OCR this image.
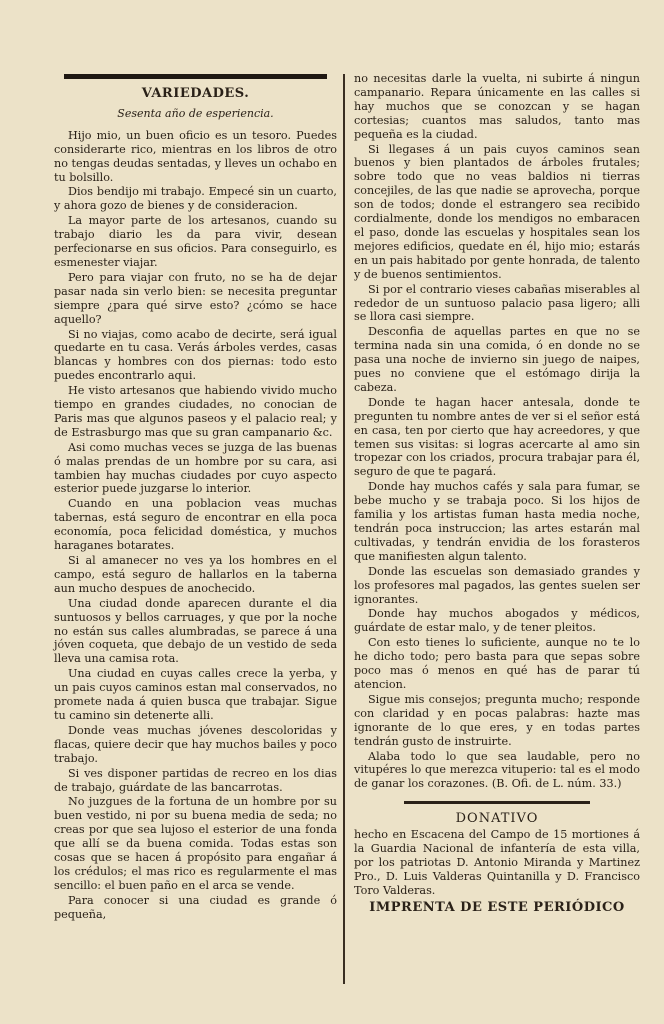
VARIEDADES.
Sesenta año de esperiencia.

Hijo mio, un buen oficio es un tesoro. Puedes considerarte rico, mientras en los libros de otro no tengas deudas sentadas, y lleves un ochabo en tu bolsillo.

Dios bendijo mi trabajo. Empecé sin un cuarto, y ahora gozo de bienes y de consideracion.

La mayor parte de los artesanos, cuando su trabajo diario les da para vivir, desean perfecionarse en sus oficios. Para conseguirlo, es esmenester viajar.

Pero para viajar con fruto, no se ha de dejar pasar nada sin verlo bien: se necesita preguntar siempre ¿para qué sirve esto? ¿cómo se hace aquello?

Si no viajas, como acabo de decirte, será igual quedarte en tu casa. Verás árboles verdes, casas blancas y hombres con dos piernas: todo esto puedes encontrarlo aqui.

He visto artesanos que habiendo vivido mucho tiempo en grandes ciudades, no conocian de Paris mas que algunos paseos y el palacio real; y de Estrasburgo mas que su gran campanario &c.

Asi como muchas veces se juzga de las buenas ó malas prendas de un hombre por su cara, asi tambien hay muchas ciudades por cuyo aspecto esterior puede juzgarse lo interior.

Cuando en una poblacion veas muchas tabernas, está seguro de encontrar en ella poca economía, poca felicidad doméstica, y muchos haraganes botarates.

Si al amanecer no ves ya los hombres en el campo, está seguro de hallarlos en la taberna aun mucho despues de anochecido.

Una ciudad donde aparecen durante el dia suntuosos y bellos carruages, y que por la noche no están sus calles alumbradas, se parece á una jóven coqueta, que debajo de un vestido de seda lleva una camisa rota.

Una ciudad en cuyas calles crece la yerba, y un pais cuyos caminos estan mal conservados, no promete nada á quien busca que trabajar. Sigue tu camino sin detenerte alli.

Donde veas muchas jóvenes descoloridas y flacas, quiere decir que hay muchos bailes y poco trabajo.

Si ves disponer partidas de recreo en los dias de trabajo, guárdate de las bancarrotas.

No juzgues de la fortuna de un hombre por su buen vestido, ni por su buena media de seda; no creas por que sea lujoso el esterior de una fonda que allí se da buena comida. Todas estas son cosas que se hacen á propósito para engañar á los crédulos; el mas rico es regularmente el mas sencillo: el buen paño en el arca se vende.

Para conocer si una ciudad es grande ó pequeña,

no necesitas darle la vuelta, ni subirte á ningun campanario. Repara únicamente en las calles si hay muchos que se conozcan y se hagan cortesias; cuantos mas saludos, tanto mas pequeña es la ciudad.

Si llegases á un pais cuyos caminos sean buenos y bien plantados de árboles frutales; sobre todo que no veas baldios ni tierras concejiles, de las que nadie se aprovecha, porque son de todos; donde el estrangero sea recibido cordialmente, donde los mendigos no embaracen el paso, donde las escuelas y hospitales sean los mejores edificios, quedate en él, hijo mio; estarás en un pais habitado por gente honrada, de talento y de buenos sentimientos.

Si por el contrario vieses cabañas miserables al rededor de un suntuoso palacio pasa ligero; alli se llora casi siempre.

Desconfia de aquellas partes en que no se termina nada sin una comida, ó en donde no se pasa una noche de invierno sin juego de naipes, pues no conviene que el estómago dirija la cabeza.

Donde te hagan hacer antesala, donde te pregunten tu nombre antes de ver si el señor está en casa, ten por cierto que hay acreedores, y que temen sus visitas: si logras acercarte al amo sin tropezar con los criados, procura trabajar para él, seguro de que te pagará.

Donde hay muchos cafés y sala para fumar, se bebe mucho y se trabaja poco. Si los hijos de familia y los artistas fuman hasta media noche, tendrán poca instruccion; las artes estarán mal cultivadas, y tendrán envidia de los forasteros que manifiesten algun talento.

Donde las escuelas son demasiado grandes y los profesores mal pagados, las gentes suelen ser ignorantes.

Donde hay muchos abogados y médicos, guárdate de estar malo, y de tener pleitos.

Con esto tienes lo suficiente, aunque no te lo he dicho todo; pero basta para que sepas sobre poco mas ó menos en qué has de parar tú atencion.

Sigue mis consejos; pregunta mucho; responde con claridad y en pocas palabras: hazte mas ignorante de lo que eres, y en todas partes tendrán gusto de instruirte.

Alaba todo lo que sea laudable, pero no vitupéres lo que merezca vituperio: tal es el modo de ganar los corazones. (B. Ofi. de L. núm. 33.)

DONATIVO

hecho en Escacena del Campo de 15 mortiones á la Guardia Nacional de infantería de esta villa, por los patriotas D. Antonio Miranda y Martinez Pro., D. Luis Valderas Quintanilla y D. Francisco Toro Valderas.

IMPRENTA DE ESTE PERIÓDICO
